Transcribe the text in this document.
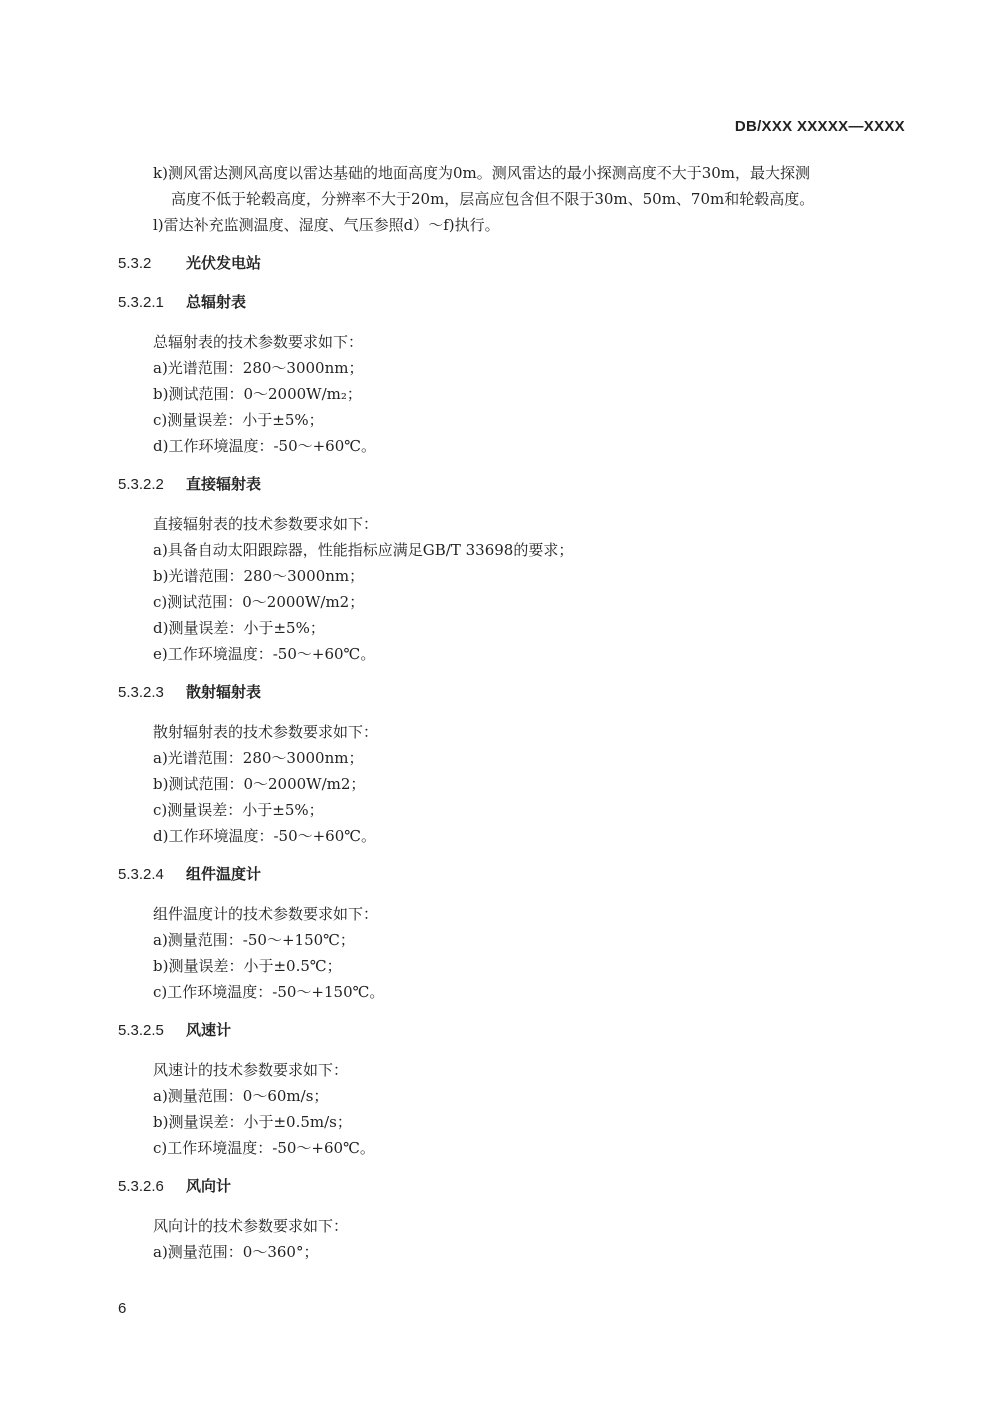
DB/XXX XXXXX—XXXX

k)测风雷达测风高度以雷达基础的地面高度为0m。测风雷达的最小探测高度不大于30m，最大探测

高度不低于轮毂高度，分辨率不大于20m，层高应包含但不限于30m、50m、70m和轮毂高度。

l)雷达补充监测温度、湿度、气压参照d）～f)执行。

5.3.2	光伏发电站
5.3.2.1	总辐射表

总辐射表的技术参数要求如下：

a)光谱范围：280～3000nm；

b)测试范围：0～2000W/m₂；

c)测量误差：小于±5%；

d)工作环境温度：-50～+60℃。

5.3.2.2	直接辐射表

直接辐射表的技术参数要求如下：

a)具备自动太阳跟踪器，性能指标应满足GB/T 33698的要求；

b)光谱范围：280～3000nm；

c)测试范围：0～2000W/m2；

d)测量误差：小于±5%；

e)工作环境温度：-50～+60℃。

5.3.2.3	散射辐射表

散射辐射表的技术参数要求如下：

a)光谱范围：280～3000nm；

b)测试范围：0～2000W/m2；

c)测量误差：小于±5%；

d)工作环境温度：-50～+60℃。

5.3.2.4	组件温度计

组件温度计的技术参数要求如下：

a)测量范围：-50～+150℃；

b)测量误差：小于±0.5℃；

c)工作环境温度：-50～+150℃。

5.3.2.5	风速计

风速计的技术参数要求如下：

a)测量范围：0～60m/s；

b)测量误差：小于±0.5m/s；

c)工作环境温度：-50～+60℃。

5.3.2.6	风向计

风向计的技术参数要求如下：

a)测量范围：0～360°；

6
